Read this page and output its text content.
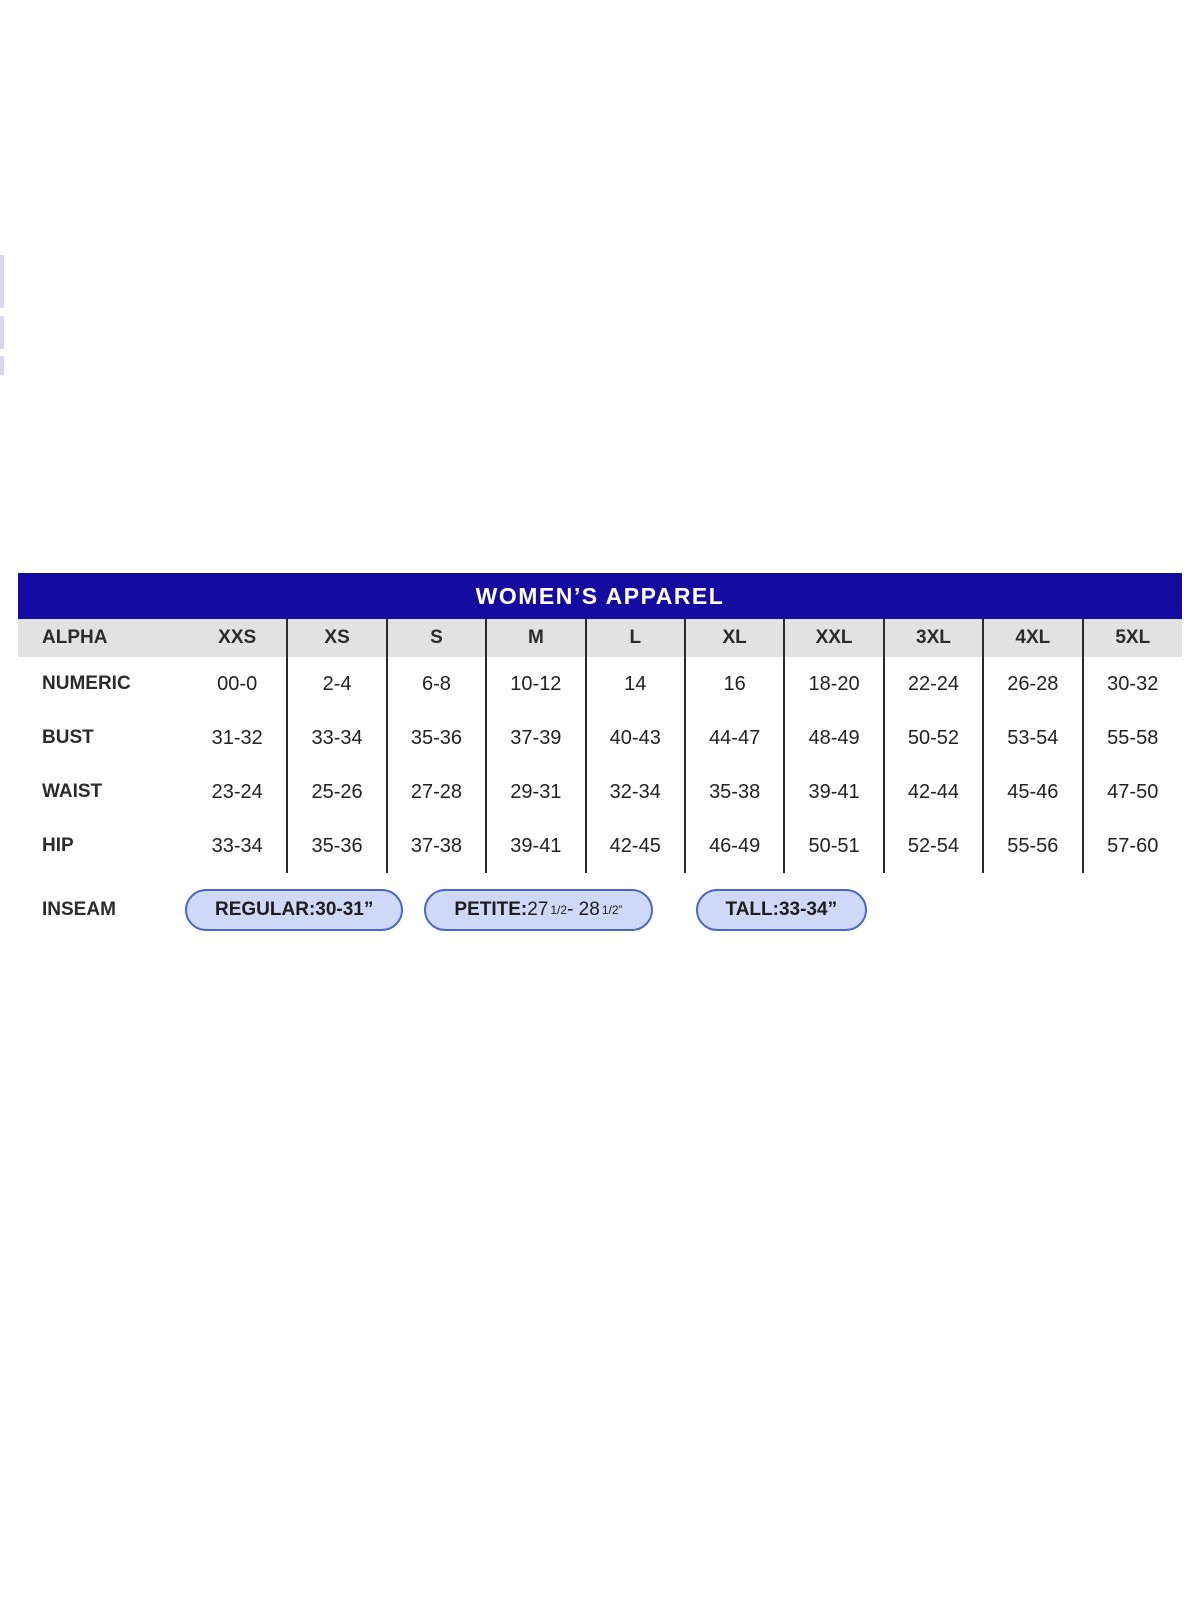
WOMEN’S APPAREL
ALPHA	XXS	XS	S	M	L	XL	XXL	3XL	4XL	5XL
NUMERIC	00-0	2-4	6-8	10-12	14	16	18-20	22-24	26-28	30-32
BUST	31-32	33-34	35-36	37-39	40-43	44-47	48-49	50-52	53-54	55-58
WAIST	23-24	25-26	27-28	29-31	32-34	35-38	39-41	42-44	45-46	47-50
HIP	33-34	35-36	37-38	39-41	42-45	46-49	50-51	52-54	55-56	57-60
INSEAM	REGULAR: 30-31”	PETITE: 27 1/2 - 28 1/2”	TALL: 33-34”
